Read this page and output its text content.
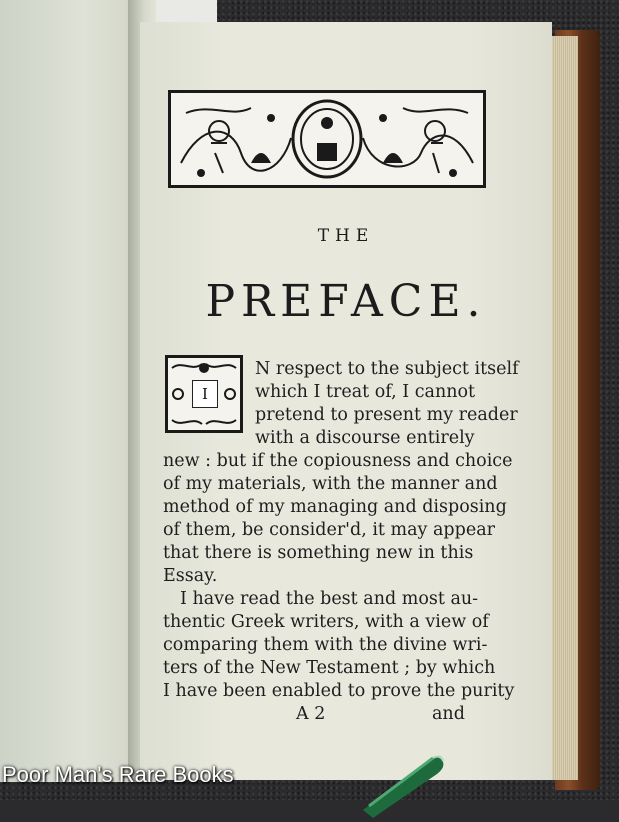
THE
PREFACE.
I
N respect to the subject itself
which I treat of, I cannot
pretend to present my reader
with a discourse entirely
new : but if the copiousness and choice
of my materials, with the manner and
method of my managing and disposing
of them, be consider'd, it may appear
that there is something new in this
Essay.
I have read the best and most au-
thentic Greek writers, with a view of
comparing them with the divine wri-
ters of the New Testament ; by which
I have been enabled to prove the purity
A 2	and
Poor Man's Rare Books
